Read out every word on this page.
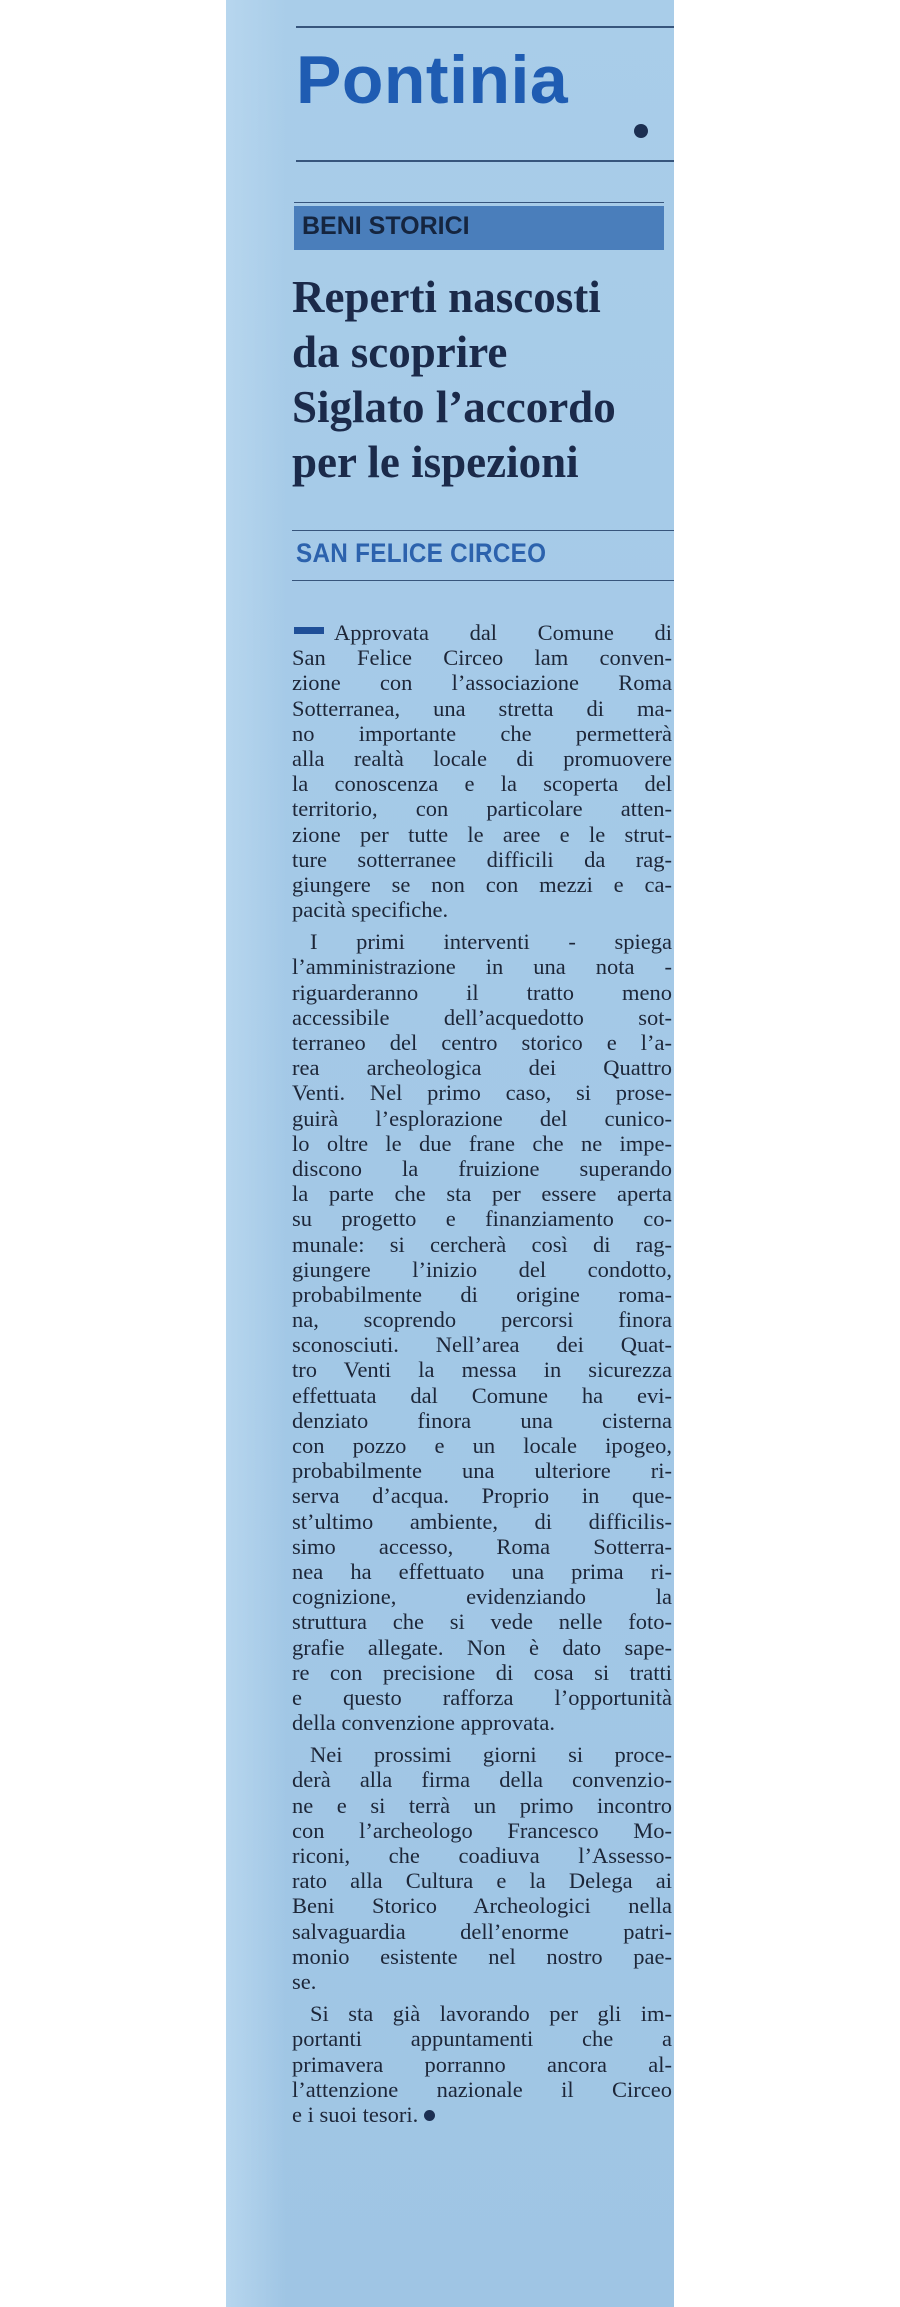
Pontinia
BENI STORICI
Reperti nascosti
da scoprire
Siglato l’accordo
per le ispezioni
SAN FELICE CIRCEO
Approvata dal Comune di
San Felice Circeo lam conven-
zione con l’associazione Roma
Sotterranea, una stretta di ma-
no importante che permetterà
alla realtà locale di promuovere
la conoscenza e la scoperta del
territorio, con particolare atten-
zione per tutte le aree e le strut-
ture sotterranee difficili da rag-
giungere se non con mezzi e ca-
pacità specifiche.
I primi interventi - spiega
l’amministrazione in una nota -
riguarderanno il tratto meno
accessibile dell’acquedotto sot-
terraneo del centro storico e l’a-
rea archeologica dei Quattro
Venti. Nel primo caso, si prose-
guirà l’esplorazione del cunico-
lo oltre le due frane che ne impe-
discono la fruizione superando
la parte che sta per essere aperta
su progetto e finanziamento co-
munale: si cercherà così di rag-
giungere l’inizio del condotto,
probabilmente di origine roma-
na, scoprendo percorsi finora
sconosciuti. Nell’area dei Quat-
tro Venti la messa in sicurezza
effettuata dal Comune ha evi-
denziato finora una cisterna
con pozzo e un locale ipogeo,
probabilmente una ulteriore ri-
serva d’acqua. Proprio in que-
st’ultimo ambiente, di difficilis-
simo accesso, Roma Sotterra-
nea ha effettuato una prima ri-
cognizione, evidenziando la
struttura che si vede nelle foto-
grafie allegate. Non è dato sape-
re con precisione di cosa si tratti
e questo rafforza l’opportunità
della convenzione approvata.
Nei prossimi giorni si proce-
derà alla firma della convenzio-
ne e si terrà un primo incontro
con l’archeologo Francesco Mo-
riconi, che coadiuva l’Assesso-
rato alla Cultura e la Delega ai
Beni Storico Archeologici nella
salvaguardia dell’enorme patri-
monio esistente nel nostro pae-
se.
Si sta già lavorando per gli im-
portanti appuntamenti che a
primavera porranno ancora al-
l’attenzione nazionale il Circeo
e i suoi tesori.
